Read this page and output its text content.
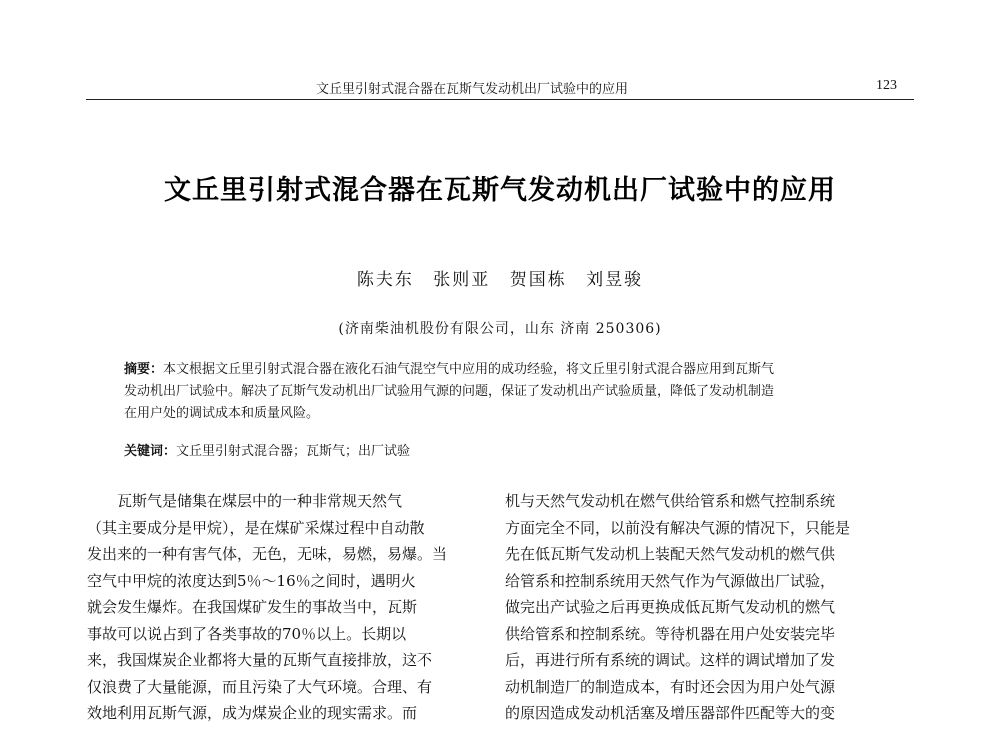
文丘里引射式混合器在瓦斯气发动机出厂试验中的应用	123
文丘里引射式混合器在瓦斯气发动机出厂试验中的应用
陈夫东 张则亚 贺国栋 刘昱骏
(济南柴油机股份有限公司，山东 济南 250306)

摘要：本文根据文丘里引射式混合器在液化石油气混空气中应用的成功经验，将文丘里引射式混合器应用到瓦斯气

发动机出厂试验中。解决了瓦斯气发动机出厂试验用气源的问题，保证了发动机出产试验质量，降低了发动机制造

在用户处的调试成本和质量风险。

关键词：文丘里引射式混合器；瓦斯气；出厂试验
瓦斯气是储集在煤层中的一种非常规天然气
（其主要成分是甲烷），是在煤矿采煤过程中自动散
发出来的一种有害气体，无色，无味，易燃，易爆。当
空气中甲烷的浓度达到5％～16％之间时，遇明火
就会发生爆炸。在我国煤矿发生的事故当中，瓦斯
事故可以说占到了各类事故的70％以上。长期以
来，我国煤炭企业都将大量的瓦斯气直接排放，这不
仅浪费了大量能源，而且污染了大气环境。合理、有
效地利用瓦斯气源，成为煤炭企业的现实需求。而
机与天然气发动机在燃气供给管系和燃气控制系统
方面完全不同，以前没有解决气源的情况下，只能是
先在低瓦斯气发动机上装配天然气发动机的燃气供
给管系和控制系统用天然气作为气源做出厂试验，
做完出产试验之后再更换成低瓦斯气发动机的燃气
供给管系和控制系统。等待机器在用户处安装完毕
后，再进行所有系统的调试。这样的调试增加了发
动机制造厂的制造成本，有时还会因为用户处气源
的原因造成发动机活塞及增压器部件匹配等大的变
